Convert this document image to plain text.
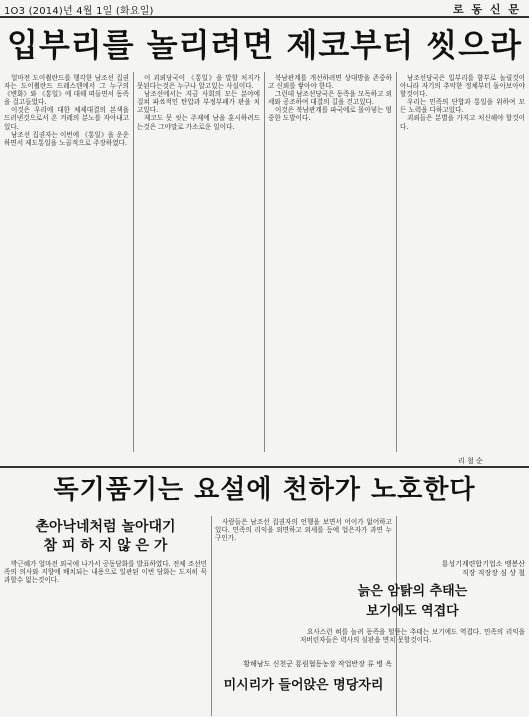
1O3 (2014)년 4월 1일 (화요일)	로 동 신 문
입부리를 놀리려면 제코부터 씻으라

얼마전 도이췰란드를 행각한 남조선 집권자는 도이췰란드 드레스덴에서 그 누구의 《변화》와 《통일》에 대해 떠들면서 동족을 걸고들었다.

이것은 우리에 대한 체제대결의 본색을 드러낸것으로서 온 겨레의 분노를 자아내고있다.

남조선 집권자는 이번에 《통일》을 운운하면서 제도통일을 노골적으로 주장하였다.

이 괴뢰당국이 《통일》을 말할 처지가 못된다는것은 누구나 알고있는 사실이다.

남조선에서는 지금 사회의 모든 분야에 걸쳐 파쑈적인 탄압과 부정부패가 판을 치고있다.

제코도 못 씻는 주제에 남을 훈시하려드는것은 그야말로 가소로운 일이다.

북남관계를 개선하려면 상대방을 존중하고 신뢰를 쌓아야 한다.

그런데 남조선당국은 동족을 모독하고 외세와 공조하여 대결의 길을 걷고있다.

이것은 북남관계를 파국에로 몰아넣는 엄중한 도발이다.

남조선당국은 입부리를 함부로 놀릴것이 아니라 자기의 추악한 정체부터 돌아보아야 할것이다.

우리는 민족의 단합과 통일을 위하여 모든 노력을 다하고있다.

괴뢰들은 분별을 가지고 처신해야 할것이다.

리 철 순
독기품기는 요설에 천하가 노호한다
촌아낙네처럼 놀아대기
참 피 하 지 않 은 가

박근혜가 얼마전 외국에 나가서 공동담화를 발표하였다. 전체 조선민족의 의사와 지향에 배치되는 내용으로 일관된 이번 담화는 도저히 묵과할수 없는것이다.

사람들은 남조선 집권자의 언행을 보면서 어이가 없어하고있다. 민족의 리익을 외면하고 외세를 등에 업은자가 과연 누구인가.

황해남도 신천군 룡림협동농장 작업반장 류 병 옥
미시리가 들어앉은 명당자리
룡성기계련합기업소 맹봉산
직장 직장장 심 상 철
늙은 암탉의 추태는
보기에도 역겹다

요사스런 혀를 놀려 동족을 헐뜯는 추태는 보기에도 역겹다. 민족의 리익을 저버린자들은 력사의 심판을 면치 못할것이다.
